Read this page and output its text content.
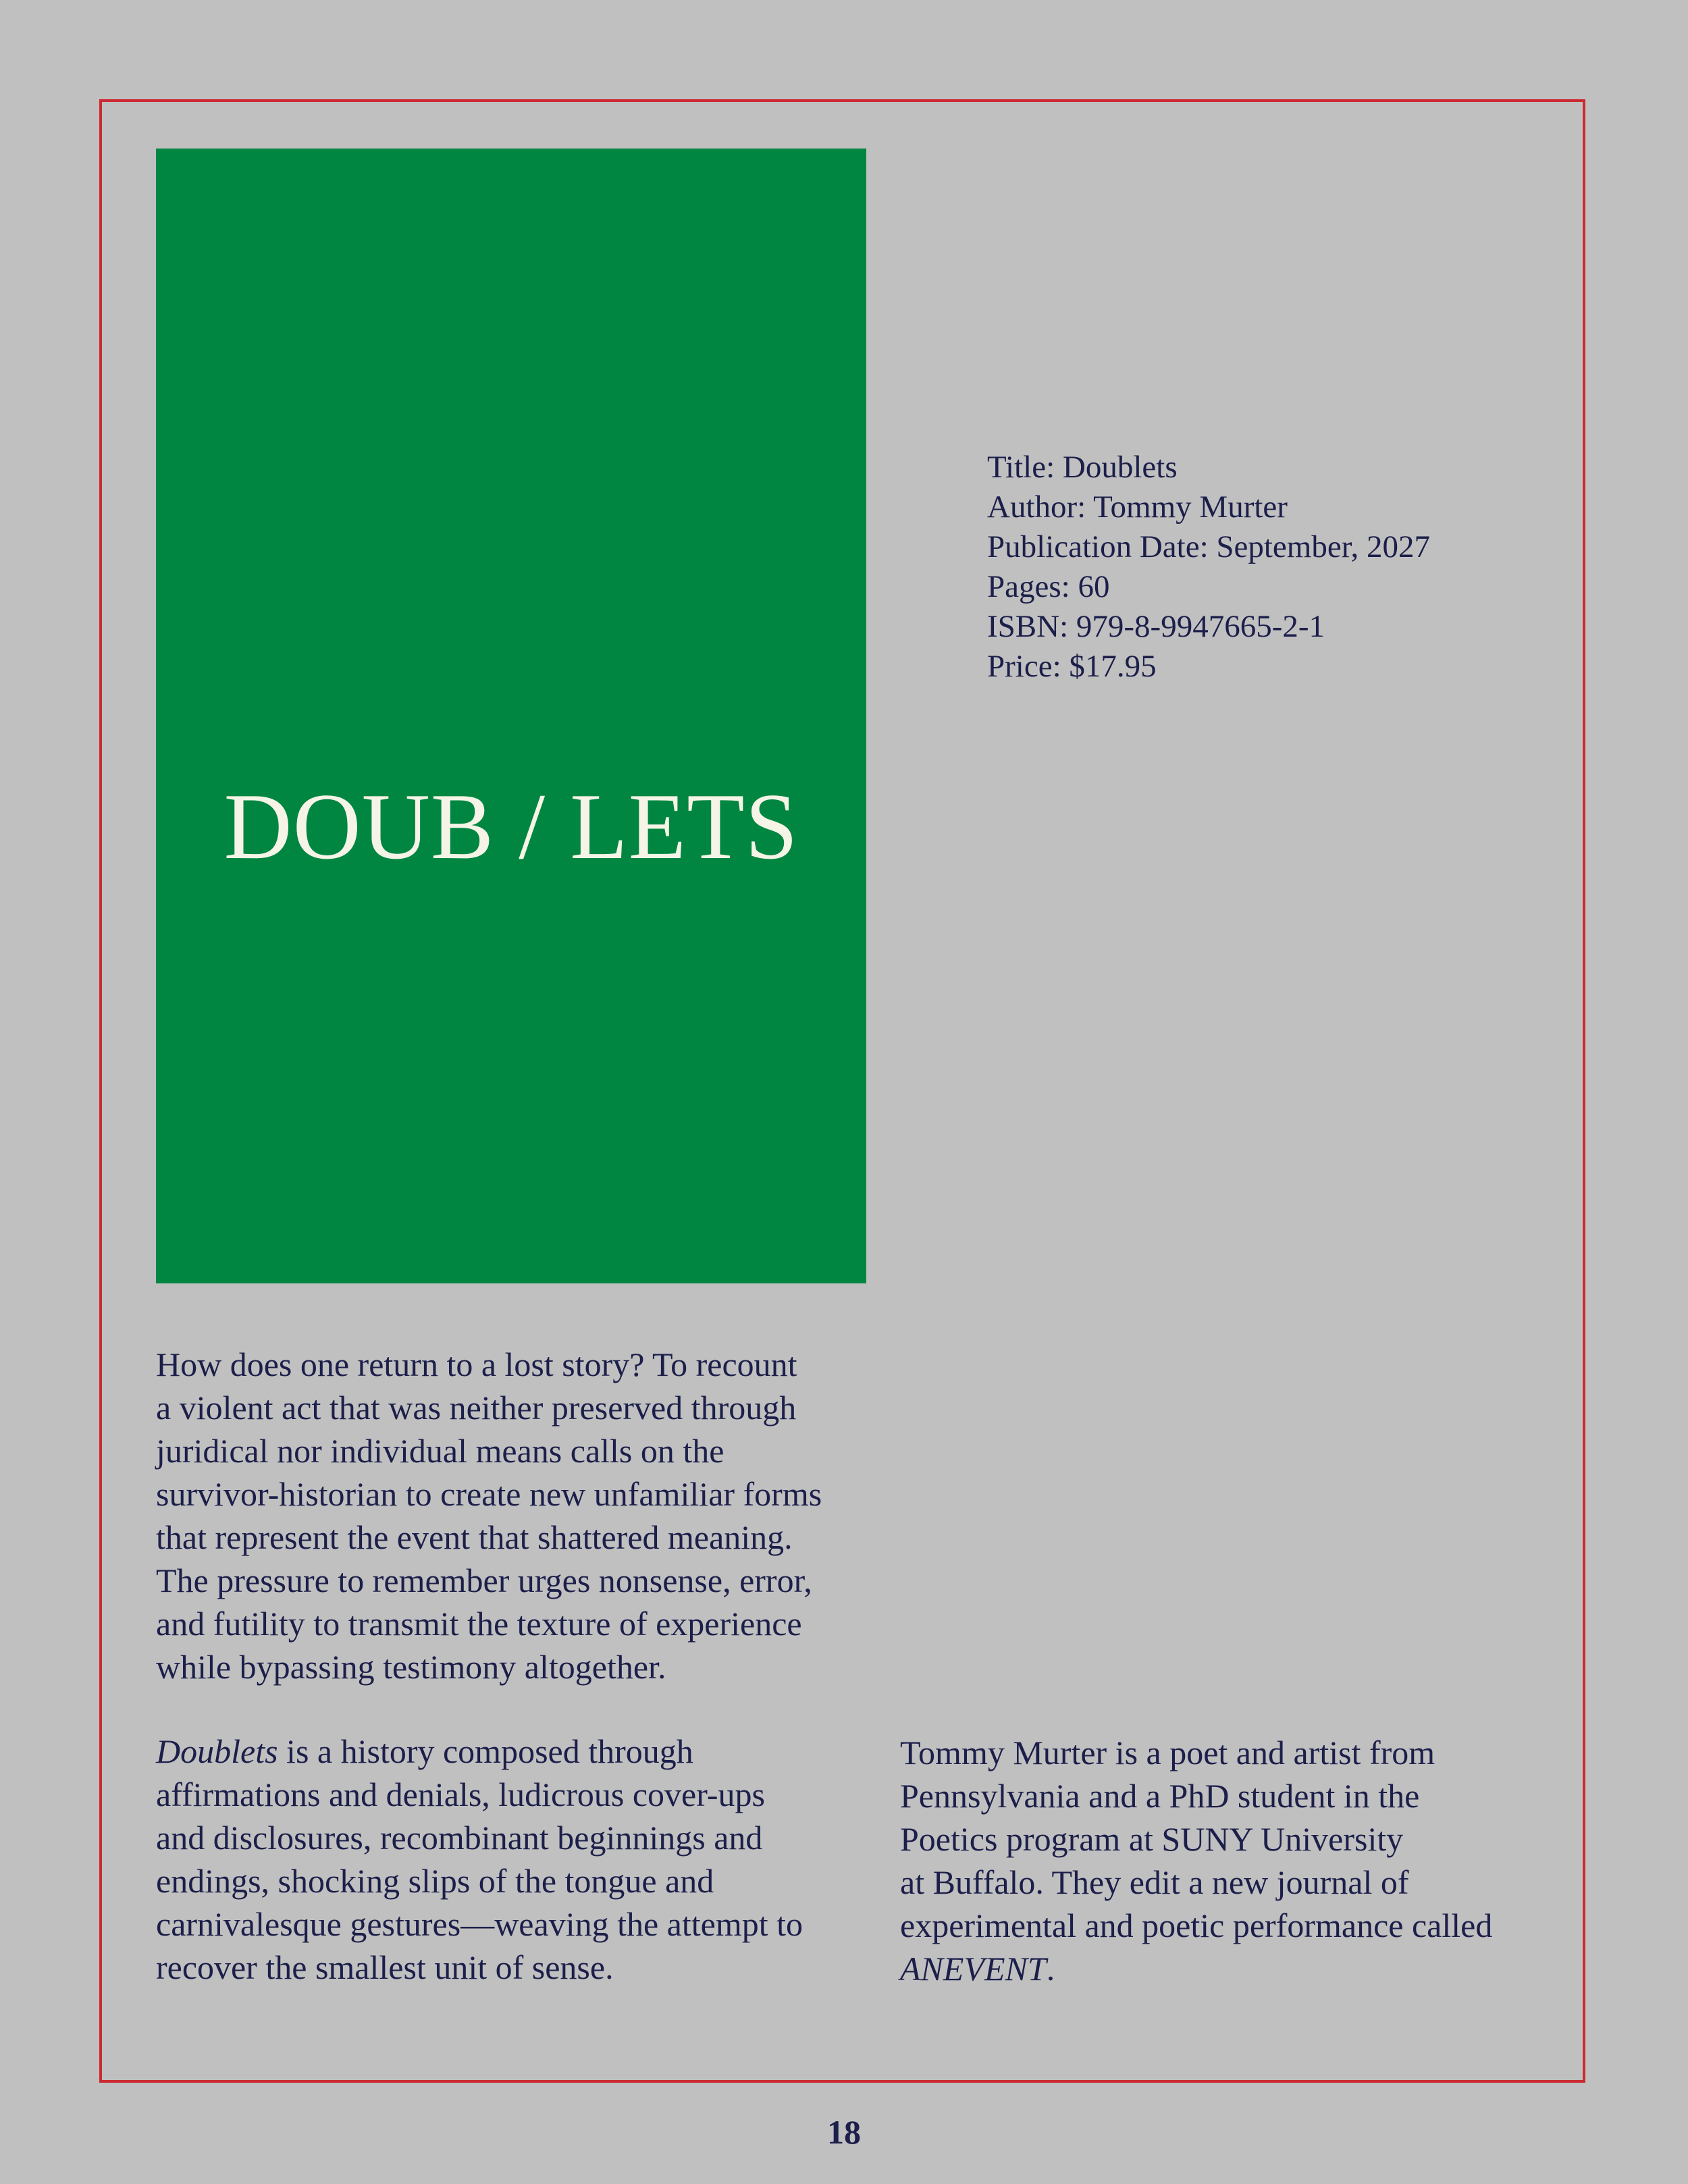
DOUB / LETS
Title: Doublets
Author: Tommy Murter
Publication Date: September, 2027
Pages: 60
ISBN: 979-8-9947665-2-1
Price: $17.95
How does one return to a lost story? To recount
a violent act that was neither preserved through
juridical nor individual means calls on the
survivor-historian to create new unfamiliar forms
that represent the event that shattered meaning.
The pressure to remember urges nonsense, error,
and futility to transmit the texture of experience
while bypassing testimony altogether.
Doublets is a history composed through
affirmations and denials, ludicrous cover-ups
and disclosures, recombinant beginnings and
endings, shocking slips of the tongue and
carnivalesque gestures—weaving the attempt to
recover the smallest unit of sense.
Tommy Murter is a poet and artist from
Pennsylvania and a PhD student in the
Poetics program at SUNY University
at Buffalo. They edit a new journal of
experimental and poetic performance called
ANEVENT.
18
